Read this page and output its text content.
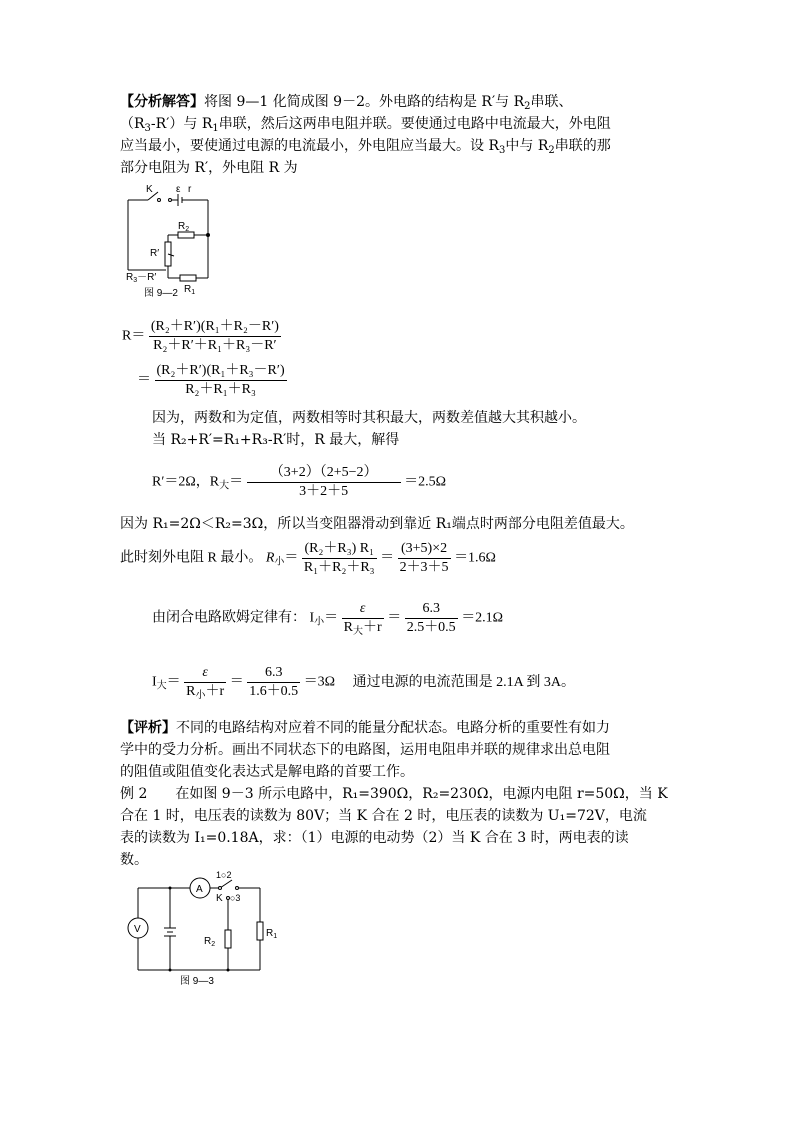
【分析解答】将图 9—1 化简成图 9－2。外电路的结构是 R′与 $R_2$串联、
$(R_3-R')$与 $R_1$串联，然后这两串电阻并联。要使通过电路中电流最大，外电阻
应当最小，要使通过电源的电流最小，外电阻应当最大。设 $R_3$中与 $R_2$串联的那
部分电阻为 R′，外电阻 R 为
K ε r
$R_2$
R′
$R_3-R'$
$R_1$
图 9—2
$R= \frac{\text{(R₂＋R′)(R₁＋R₂－R′)}}{\text{R₂＋R′＋R₁＋R₃－R′}}$
＝ $\frac{\text{(R₂＋R′)(R₁＋R₃－R′)}}{\text{R₂＋R₁＋R₃}}$
因为，两数和为定值，两数相等时其积最大，两数差值越大其积越小。
当 R₂+R′=R₁+R₃-R′时，R 最大，解得
R′＝2Ω，$R_大= \frac{(3+2)(2+5-2)}{3+2+5} =2.5\Omega$
因为 R₁=2Ω＜R₂=3Ω，所以当变阻器滑动到靠近 R₁端点时两部分电阻差值最大。
此时刻外电阻 R 最小。 $R_小= \frac{\text{(R₂＋R₃) R₁}}{\text{R₁＋R₂＋R₃}} = \frac{(3+5)\times 2}{2+3+5} =1.6\Omega$
由闭合电路欧姆定律有： $I_小= \frac{\varepsilon}{R_大+r} = \frac{6.3}{2.5+0.5} =2.1\Omega$
$I_大= \frac{\varepsilon}{R_小+r} = \frac{6.3}{1.6+0.5} =3\Omega$ 通过电源的电流范围是 2.1A 到 3A。
【评析】不同的电路结构对应着不同的能量分配状态。电路分析的重要性有如力
学中的受力分析。画出不同状态下的电路图，运用电阻串并联的规律求出总电阻
的阻值或阻值变化表达式是解电路的首要工作。
例 2　　在如图 9－3 所示电路中，R₁=390Ω，R₂=230Ω，电源内电阻 r=50Ω，当 K
合在 1 时，电压表的读数为 80V；当 K 合在 2 时，电压表的读数为 U₁=72V，电流
表的读数为 I₁=0.18A，求：（1）电源的电动势（2）当 K 合在 3 时，两电表的读
数。
A
V
1○2
K ○3
$R_2$
$R_1$
图 9—3
